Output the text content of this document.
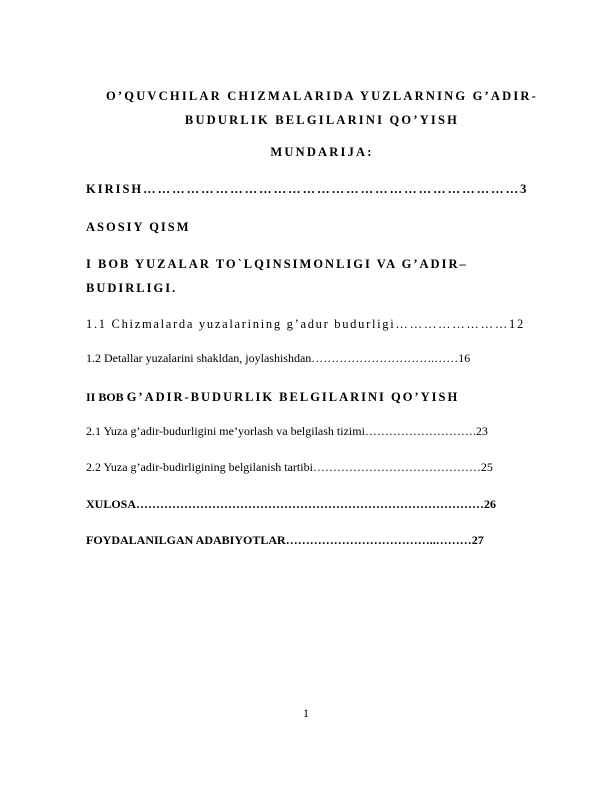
O’QUVCHILAR CHIZMALARIDA YUZLARNING G’ADIR-
BUDURLIK BELGILARINI QO’YISH
MUNDARIJA:
KIRISH……………………………………………………………………3
ASOSIY QISM
I BOB YUZALAR TO`LQINSIMONLIGI VA G’ADIR–
BUDIRLIGI.
1.1 Chizmalarda yuzalarining g’adur budurligi……………………12
1.2 Detallar yuzalarini shakldan, joylashishdan………………………….……16
II BOB G’ADIR-BUDURLIK BELGILARINI QO’YISH
2.1 Yuza g’adir-budurligini me’yorlash va belgilash tizimi……………………….23
2.2 Yuza g’adir-budirligining belgilanish tartibi……………………………………25
XULOSA……………………………………………………………………………26
FOYDALANILGAN ADABIYOTLAR………………………………..………27
1
